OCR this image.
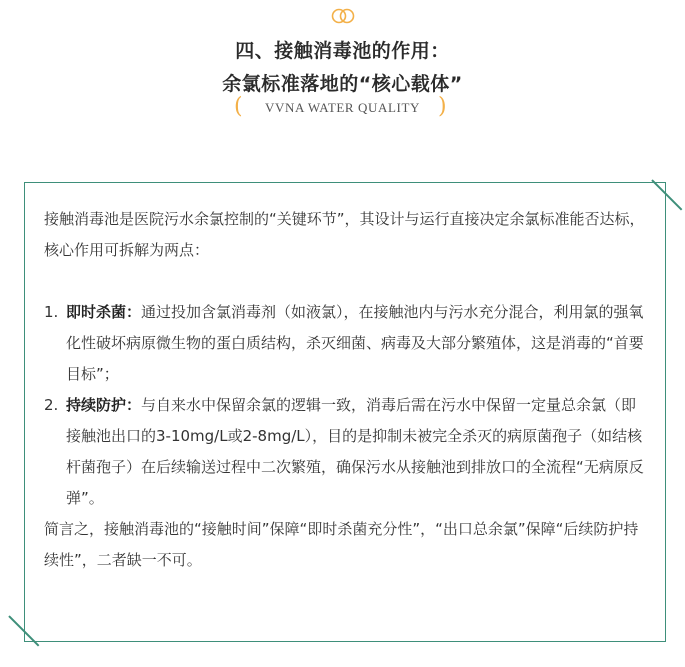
四、接触消毒池的作用：
余氯标准落地的“核心载体”
(	VVNA WATER QUALITY )

接触消毒池是医院污水余氯控制的“关键环节”，其设计与运行直接决定余氯标准能否达标，核心作用可拆解为两点：

1. 即时杀菌：通过投加含氯消毒剂（如液氯），在接触池内与污水充分混合，利用氯的强氧化性破坏病原微生物的蛋白质结构，杀灭细菌、病毒及大部分繁殖体，这是消毒的“首要目标”；
2. 持续防护：与自来水中保留余氯的逻辑一致，消毒后需在污水中保留一定量总余氯（即接触池出口的3-10mg/L或2-8mg/L），目的是抑制未被完全杀灭的病原菌孢子（如结核杆菌孢子）在后续输送过程中二次繁殖，确保污水从接触池到排放口的全流程“无病原反弹”。

简言之，接触消毒池的“接触时间”保障“即时杀菌充分性”，“出口总余氯”保障“后续防护持续性”，二者缺一不可。
